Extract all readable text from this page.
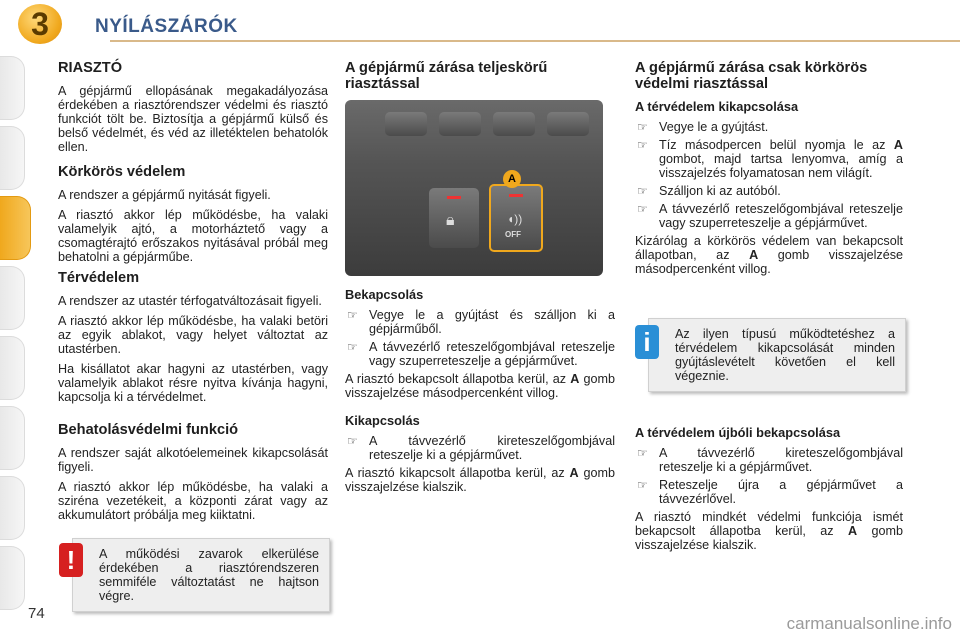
3	NYÍLÁSZÁRÓK
RIASZTÓ

A gépjármű ellopásának megakadályozása érdekében a riasztórendszer védelmi és riasztó funkciót tölt be. Biztosítja a gépjármű külső és belső védelmét, és véd az illetéktelen behatolók ellen.

Körkörös védelem

A rendszer a gépjármű nyitását figyeli.

A riasztó akkor lép működésbe, ha valaki valamelyik ajtó, a motorháztető vagy a csomagtérajtó erőszakos nyitásával próbál meg behatolni a gépjárműbe.

Térvédelem

A rendszer az utastér térfogatváltozásait figyeli.

A riasztó akkor lép működésbe, ha valaki betöri az egyik ablakot, vagy helyet változtat az utastérben.

Ha kisállatot akar hagyni az utastérben, vagy valamelyik ablakot résre nyitva kívánja hagyni, kapcsolja ki a térvédelmet.

Behatolásvédelmi funkció

A rendszer saját alkotóelemeinek kikapcsolását figyeli.

A riasztó akkor lép működésbe, ha valaki a sziréna vezetékeit, a központi zárat vagy az akkumulátort próbálja meg kiiktatni.

!	A működési zavarok elkerülése érdekében a riasztórendszeren semmiféle változtatást ne hajtson végre.
A gépjármű zárása teljeskörű riasztással
🔒︎	◖))
OFF
A
Bekapcsolás
☞ Vegye le a gyújtást és szálljon ki a gépjárműből.
☞ A távvezérlő reteszelőgombjával reteszelje vagy szuperreteszelje a gépjárművet.

A riasztó bekapcsolt állapotba kerül, az A gomb visszajelzése másodpercenként villog.

Kikapcsolás
☞ A távvezérlő kireteszelőgombjával reteszelje ki a gépjárművet.

A riasztó kikapcsolt állapotba kerül, az A gomb visszajelzése kialszik.

A gépjármű zárása csak körkörös védelmi riasztással
A térvédelem kikapcsolása
☞ Vegye le a gyújtást.
☞ Tíz másodpercen belül nyomja le az A gombot, majd tartsa lenyomva, amíg a visszajelzés folyamatosan nem világít.
☞ Szálljon ki az autóból.
☞ A távvezérlő reteszelőgombjával reteszelje vagy szuperreteszelje a gépjárművet.

Kizárólag a körkörös védelem van bekapcsolt állapotban, az A gomb visszajelzése másodpercenként villog.

i	Az ilyen típusú működtetéshez a térvédelem kikapcsolását minden gyújtáslevételt követően el kell végeznie.
A térvédelem újbóli bekapcsolása
☞ A távvezérlő kireteszelőgombjával reteszelje ki a gépjárművet.
☞ Reteszelje újra a gépjárművet a távvezérlővel.

A riasztó mindkét védelmi funkciója ismét bekapcsolt állapotba kerül, az A gomb visszajelzése kialszik.

74
carmanualsonline.info
